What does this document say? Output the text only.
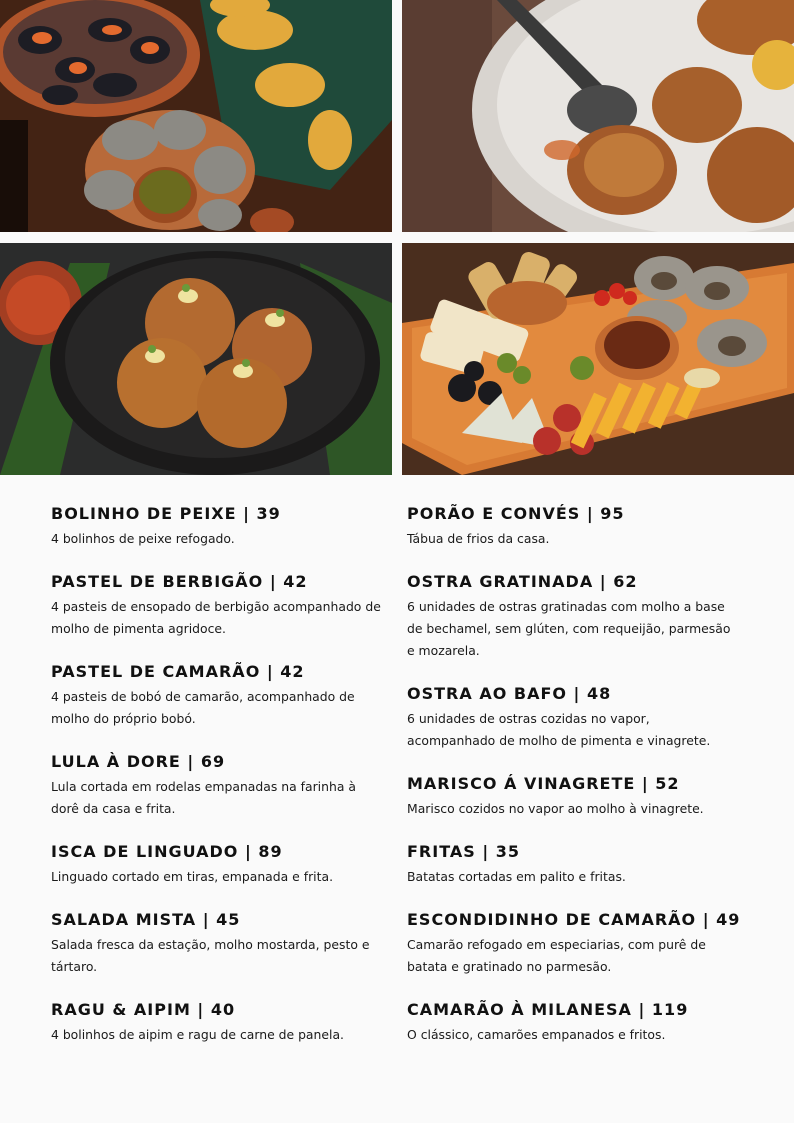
BOLINHO DE PEIXE | 39

4 bolinhos de peixe refogado.

PASTEL DE BERBIGÃO | 42

4 pasteis de ensopado de berbigão acompanhado de molho de pimenta agridoce.

PASTEL DE CAMARÃO | 42

4 pasteis de bobó de camarão, acompanhado de molho do próprio bobó.

LULA À DORE | 69

Lula cortada em rodelas empanadas na farinha à dorê da casa e frita.

ISCA DE LINGUADO | 89

Linguado cortado em tiras, empanada e frita.

SALADA MISTA | 45

Salada fresca da estação, molho mostarda, pesto e tártaro.

RAGU & AIPIM | 40

4 bolinhos de aipim e ragu de carne de panela.

PORÃO E CONVÉS | 95

Tábua de frios da casa.

OSTRA GRATINADA | 62

6 unidades de ostras gratinadas com molho a base de bechamel, sem glúten, com requeijão, parmesão e mozarela.

OSTRA AO BAFO | 48

6 unidades de ostras cozidas no vapor, acompanhado de molho de pimenta e vinagrete.

MARISCO Á VINAGRETE | 52

Marisco cozidos no vapor ao molho à vinagrete.

FRITAS | 35

Batatas cortadas em palito e fritas.

ESCONDIDINHO DE CAMARÃO | 49

Camarão refogado em especiarias, com purê de batata e gratinado no parmesão.

CAMARÃO À MILANESA | 119

O clássico, camarões empanados e fritos.
